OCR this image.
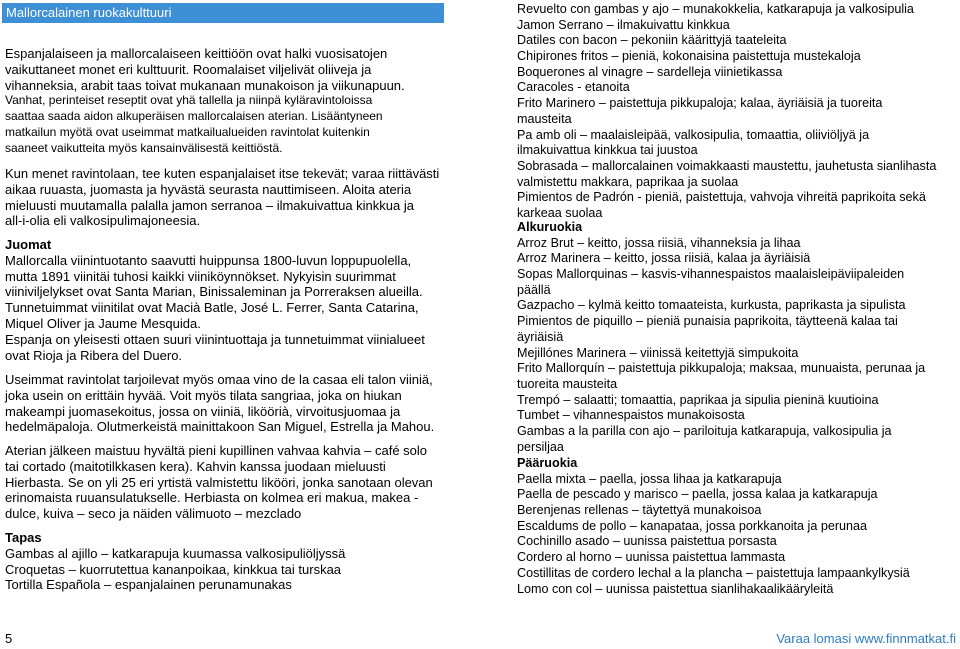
Mallorcalainen ruokakulttuuri
Espanjalaiseen ja mallorcalaiseen keittiöön ovat halki vuosisatojen
vaikuttaneet monet eri kulttuurit. Roomalaiset viljelivät oliiveja ja
vihanneksia, arabit taas toivat mukanaan munakoison ja viikunapuun.
Vanhat, perinteiset reseptit ovat yhä tallella ja niinpä kyläravintoloissa
saattaa saada aidon alkuperäisen mallorcalaisen aterian. Lisääntyneen
matkailun myötä ovat useimmat matkailualueiden ravintolat kuitenkin
saaneet vaikutteita myös kansainvälisestä keittiöstä.
Kun menet ravintolaan, tee kuten espanjalaiset itse tekevät; varaa riittävästi
aikaa ruuasta, juomasta ja hyvästä seurasta nauttimiseen. Aloita ateria
mieluusti muutamalla palalla jamon serranoa – ilmakuivattua kinkkua ja
all-i-olia eli valkosipulimajoneesia.
Juomat
Mallorcalla viinintuotanto saavutti huippunsa 1800-luvun loppupuolella,
mutta 1891 viinitäi tuhosi kaikki viiniköynnökset. Nykyisin suurimmat
viiniviljelykset ovat Santa Marian, Binissaleminan ja Porreraksen alueilla.
Tunnetuimmat viinitilat ovat Macià Batle, José L. Ferrer, Santa Catarina,
Miquel Oliver ja Jaume Mesquida.
Espanja on yleisesti ottaen suuri viinintuottaja ja tunnetuimmat viinialueet
ovat Rioja ja Ribera del Duero.
Useimmat ravintolat tarjoilevat myös omaa vino de la casaa eli talon viiniä,
joka usein on erittäin hyvää. Voit myös tilata sangriaa, joka on hiukan
makeampi juomasekoitus, jossa on viiniä, liköörià, virvoitusjuomaa ja
hedelmäpaloja. Olutmerkeistä mainittakoon San Miguel, Estrella ja Mahou.
Aterian jälkeen maistuu hyvältä pieni kupillinen vahvaa kahvia – café solo
tai cortado (maitotilkkasen kera). Kahvin kanssa juodaan mieluusti
Hierbasta. Se on yli 25 eri yrtistä valmistettu likööri, jonka sanotaan olevan
erinomaista ruuansulatukselle. Herbiasta on kolmea eri makua, makea -
dulce, kuiva – seco ja näiden välimuoto – mezclado
Tapas
Gambas al ajillo – katkarapuja kuumassa valkosipuliöljyssä
Croquetas – kuorrutettua kananpoikaa, kinkkua tai turskaa
Tortilla Española – espanjalainen perunamunakas
Revuelto con gambas y ajo – munakokkelia, katkarapuja ja valkosipulia
Jamon Serrano – ilmakuivattu kinkkua
Datiles con bacon – pekoniin käärittyjä taateleita
Chipirones fritos – pieniä, kokonaisina paistettuja mustekaloja
Boquerones al vinagre – sardelleja viinietikassa
Caracoles - etanoita
Frito Marinero – paistettuja pikkupaloja; kalaa, äyriäisiä ja tuoreita
mausteita
Pa amb oli – maalaisleipää, valkosipulia, tomaattia, oliiviöljyä ja
ilmakuivattua kinkkua tai juustoa
Sobrasada – mallorcalainen voimakkaasti maustettu, jauhetusta sianlihasta
valmistettu makkara, paprikaa ja suolaa
Pimientos de Padrón - pieniä, paistettuja, vahvoja vihreitä paprikoita sekä
karkeaa suolaa
Alkuruokia
Arroz Brut – keitto, jossa riisiä, vihanneksia ja lihaa
Arroz Marinera – keitto, jossa riisiä, kalaa ja äyriäisiä
Sopas Mallorquinas – kasvis-vihannespaistos maalaisleipäviipaleiden
päällä
Gazpacho – kylmä keitto tomaateista, kurkusta, paprikasta ja sipulista
Pimientos de piquillo – pieniä punaisia paprikoita, täytteenä kalaa tai
äyriäisiä
Mejillónes Marinera – viinissä keitettyjä simpukoita
Frito Mallorquín – paistettuja pikkupaloja; maksaa, munuaista, perunaa ja
tuoreita mausteita
Trempó – salaatti; tomaattia, paprikaa ja sipulia pieninä kuutioina
Tumbet – vihannespaistos munakoisosta
Gambas a la parilla con ajo – pariloituja katkarapuja, valkosipulia ja
persiljaa
Pääruokia
Paella mixta – paella, jossa lihaa ja katkarapuja
Paella de pescado y marisco – paella, jossa kalaa ja katkarapuja
Berenjenas rellenas – täytettyä munakoisoa
Escaldums de pollo – kanapataa, jossa porkkanoita ja perunaa
Cochinillo asado – uunissa paistettua porsasta
Cordero al horno – uunissa paistettua lammasta
Costillitas de cordero lechal a la plancha – paistettuja lampaankylkysiä
Lomo con col – uunissa paistettua sianlihakaalikääryleitä
5	Varaa lomasi www.finnmatkat.fi
